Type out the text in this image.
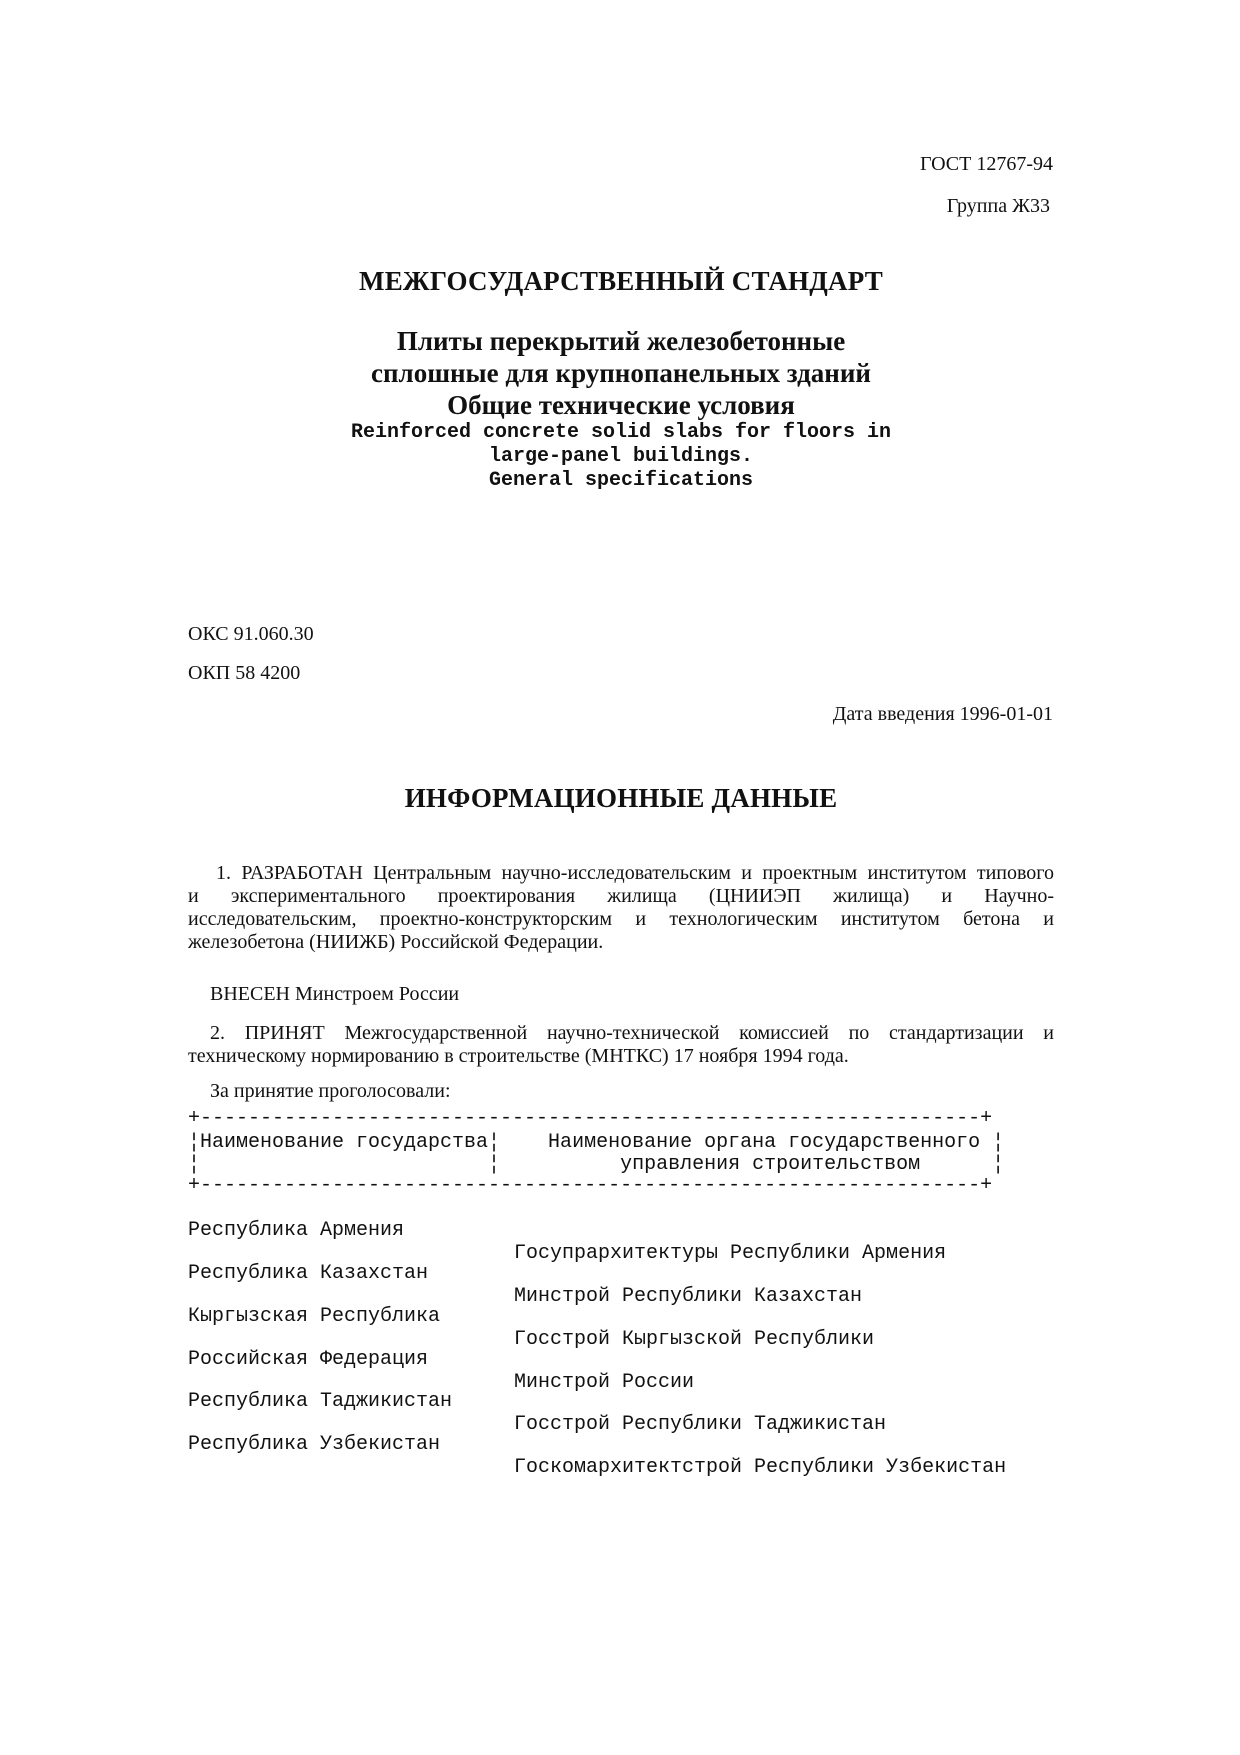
ГОСТ 12767-94
Группа Ж33
МЕЖГОСУДАРСТВЕННЫЙ СТАНДАРТ
Плиты перекрытий железобетонные
сплошные для крупнопанельных зданий
Общие технические условия
Reinforced concrete solid slabs for floors in
large-panel buildings.
General specifications
ОКС 91.060.30
ОКП 58 4200
Дата введения 1996-01-01
ИНФОРМАЦИОННЫЕ ДАННЫЕ
1. РАЗРАБОТАН Центральным научно-исследовательским и проектным институтом типового
и экспериментального проектирования жилища (ЦНИИЭП жилища) и Научно-
исследовательским, проектно-конструкторским и технологическим институтом бетона и
железобетона (НИИЖБ) Российской Федерации.
ВНЕСЕН Минстроем России
2. ПРИНЯТ Межгосударственной научно-технической комиссией по стандартизации и
техническому нормированию в строительстве (МНТКС) 17 ноября 1994 года.
За принятие проголосовали:
+-----------------------------------------------------------------+
¦Наименование государства¦    Наименование органа государственного ¦
¦                        ¦          управления строительством      ¦
+-----------------------------------------------------------------+

Республика Армения

Госупрархитектуры Республики Армения

Республика Казахстан

Минстрой Республики Казахстан

Кыргызская Республика

Госстрой Кыргызской Республики

Российская Федерация

Минстрой России

Республика Таджикистан

Госстрой Республики Таджикистан

Республика Узбекистан

Госкомархитектстрой Республики Узбекистан
